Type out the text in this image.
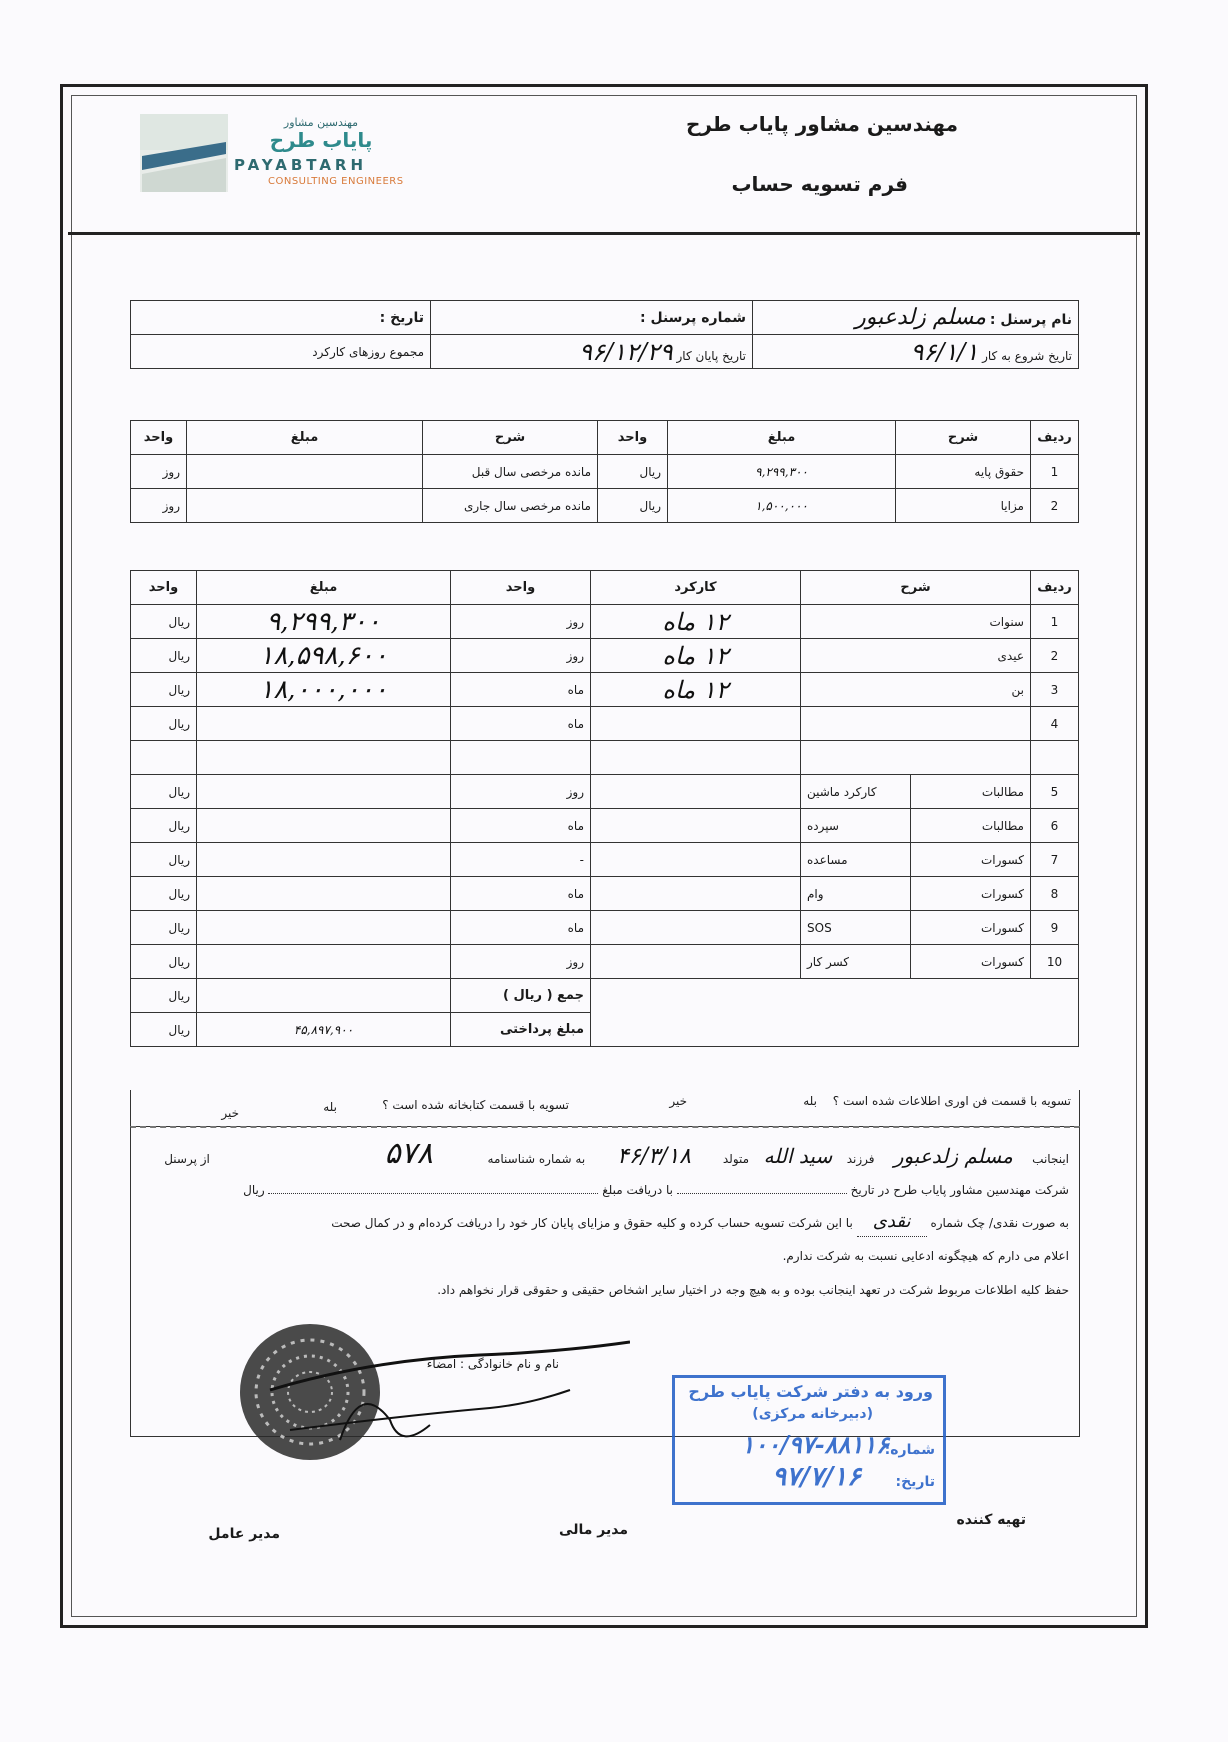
مهندسین مشاور پایاب طرح
فرم تسویه حساب
مهندسین مشاور
پایاب طرح
PAYABTARH
CONSULTING ENGINEERS
نام پرسنل : مسلم زلدعبور	شماره پرسنل :	تاریخ :
تاریخ شروع به کار ۹۶/۱/۱	تاریخ پایان کار ۹۶/۱۲/۲۹	مجموع روزهای کارکرد
ردیف	شرح	مبلغ	واحد	شرح	مبلغ	واحد
1	حقوق پایه	۹,۲۹۹,۳۰۰	ریال	مانده مرخصی سال قبل		روز
2	مزایا	۱,۵۰۰,۰۰۰	ریال	مانده مرخصی سال جاری		روز
ردیف	شرح		کارکرد	واحد	مبلغ	واحد
1	سنوات		۱۲ ماه	روز	۹,۲۹۹,۳۰۰	ریال
2	عیدی		۱۲ ماه	روز	۱۸,۵۹۸,۶۰۰	ریال
3	بن		۱۲ ماه	ماه	۱۸,۰۰۰,۰۰۰	ریال
4				ماه		ریال

5	مطالبات	کارکرد ماشین		روز		ریال
6	مطالبات	سپرده		ماه		ریال
7	کسورات	مساعده		-		ریال
8	کسورات	وام		ماه		ریال
9	کسورات	SOS		ماه		ریال
10	کسورات	کسر کار		روز		ریال
				جمع ( ریال )		ریال
				مبلغ پرداختی	۴۵,۸۹۷,۹۰۰	ریال
تسویه با قسمت فن اوری اطلاعات شده است ؟
بله
خیر
تسویه با قسمت کتابخانه شده است ؟
بله
خیر
اینجانب مسلم زلدعبور فرزند سید الله متولد ۴۶/۳/۱۸ به شماره شناسنامه ۵۷۸ از پرسنل
شرکت مهندسین مشاور پایاب طرح در تاریخ  با دریافت مبلغ  ریال
به صورت نقدی/ چک شماره نقدی با این شرکت تسویه حساب کرده و کلیه حقوق و مزایای پایان کار خود را دریافت کرده‌ام و در کمال صحت
اعلام می دارم که هیچگونه ادعایی نسبت به شرکت ندارم.
حفظ کلیه اطلاعات مربوط شرکت در تعهد اینجانب بوده و به هیچ وجه در اختیار سایر اشخاص حقیقی و حقوقی قرار نخواهم داد.
نام و نام خانوادگی : امضاء
ورود به دفتر شرکت پایاب طرح
(دبیرخانه مرکزی)
شماره:
۱۰۰/۹۷-۸۸۱۱۶
تاریخ:
۹۷/۷/۱۶
تهیه کننده
مدیر مالی
مدیر عامل
